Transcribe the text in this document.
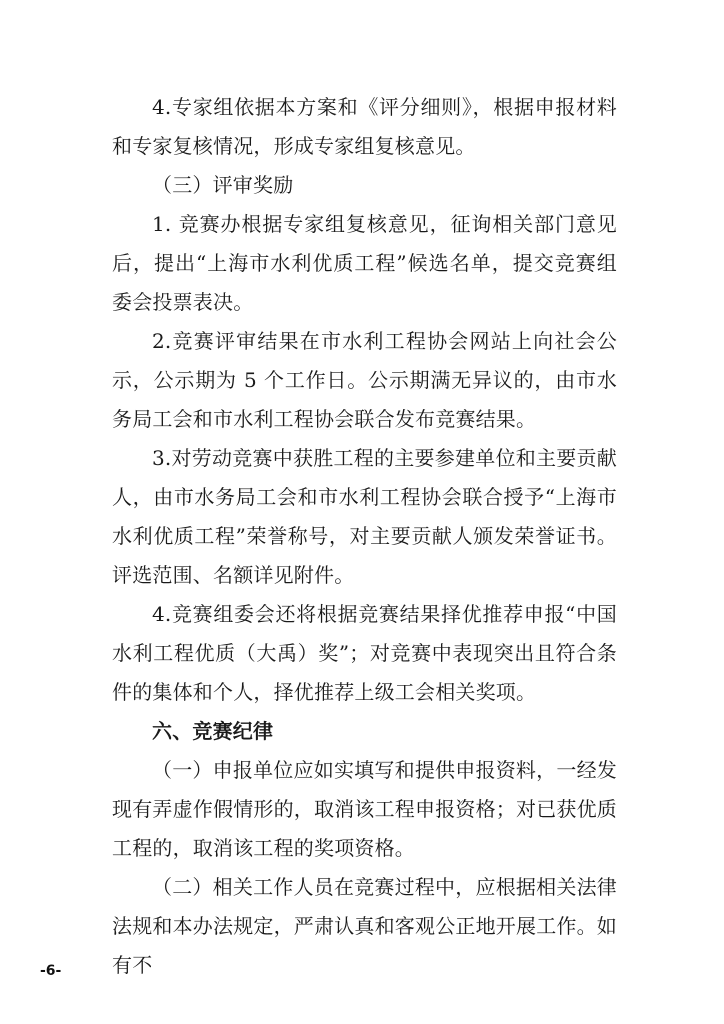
4.专家组依据本方案和《评分细则》，根据申报材料和专家复核情况，形成专家组复核意见。

（三）评审奖励

1. 竞赛办根据专家组复核意见，征询相关部门意见后，提出“上海市水利优质工程”候选名单，提交竞赛组委会投票表决。

2.竞赛评审结果在市水利工程协会网站上向社会公示，公示期为 5 个工作日。公示期满无异议的，由市水务局工会和市水利工程协会联合发布竞赛结果。

3.对劳动竞赛中获胜工程的主要参建单位和主要贡献人，由市水务局工会和市水利工程协会联合授予“上海市水利优质工程”荣誉称号，对主要贡献人颁发荣誉证书。评选范围、名额详见附件。

4.竞赛组委会还将根据竞赛结果择优推荐申报“中国水利工程优质（大禹）奖”；对竞赛中表现突出且符合条件的集体和个人，择优推荐上级工会相关奖项。

六、竞赛纪律

（一）申报单位应如实填写和提供申报资料，一经发现有弄虚作假情形的，取消该工程申报资格；对已获优质工程的，取消该工程的奖项资格。

（二）相关工作人员在竞赛过程中，应根据相关法律法规和本办法规定，严肃认真和客观公正地开展工作。如有不

-6-
